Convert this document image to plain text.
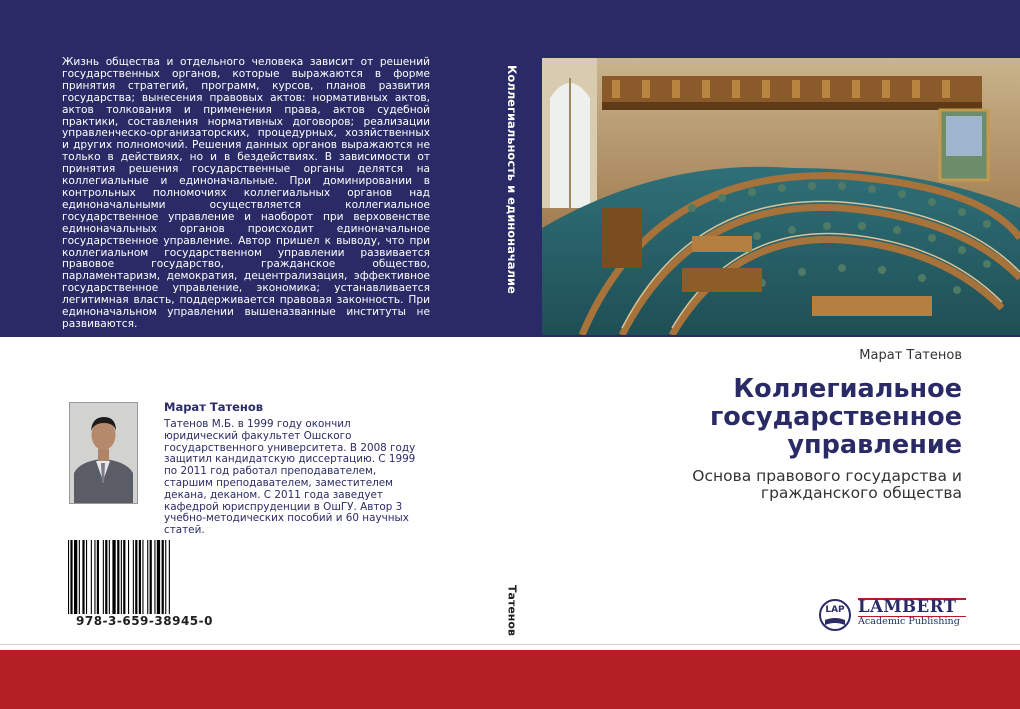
Жизнь общества и отдельного человека зависит от решений государственных органов, которые выражаются в форме принятия стратегий, программ, курсов, планов развития государства; вынесения правовых актов: нормативных актов, актов толкования и применения права, актов судебной практики, составления нормативных договоров; реализации управленческо-организаторских, процедурных, хозяйственных и других полномочий. Решения данных органов выражаются не только в действиях, но и в бездействиях. В зависимости от принятия решения государственные органы делятся на коллегиальные и единоначальные. При доминировании в контрольных полномочиях коллегиальных органов над единоначальными осуществляется коллегиальное государственное управление и наоборот при верховенстве единоначальных органов происходит единоначальное государственное управление. Автор пришел к выводу, что при коллегиальном государственном управлении развивается правовое государство, гражданское общество, парламентаризм, демократия, децентрализация, эффективное государственное управление, экономика; устанавливается легитимная власть, поддерживается правовая законность. При единоначальном управлении вышеназванные институты не развиваются.

Коллегиальность и единоначалие
Татенов
Марат Татенов
Коллегиальное государственное управление

Основа правового государства и гражданского общества

Марат Татенов

Татенов М.Б. в 1999 году окончил юридический факультет Ошского государственного университета. В 2008 году защитил кандидатскую диссертацию. С 1999 по 2011 год работал преподавателем, старшим преподавателем, заместителем декана, деканом. С 2011 года заведует кафедрой юриспруденции в ОшГУ. Автор 3 учебно-методических пособий и 60 научных статей.

978-3-659-38945-0
LAP LAMBERT
Academic Publishing
